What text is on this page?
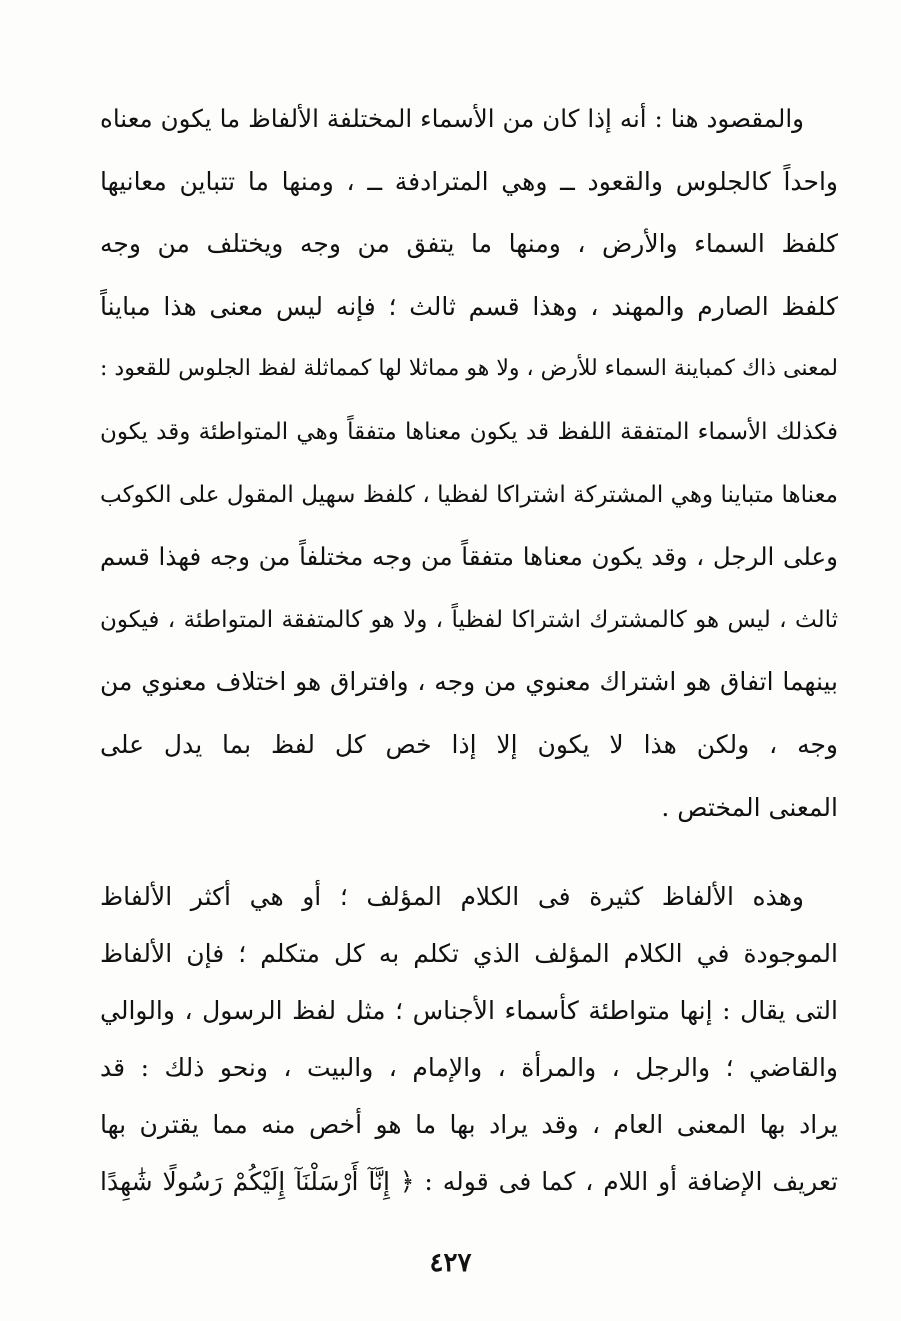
والمقصود هنا : أنه إذا كان من الأسماء المختلفة الألفاظ ما يكون معناه
واحداً كالجلوس والقعود ــ وهي المترادفة ــ ، ومنها ما تتباين معانيها
كلفظ السماء والأرض ، ومنها ما يتفق من وجه ويختلف من وجه
كلفظ الصارم والمهند ، وهذا قسم ثالث ؛ فإنه ليس معنى هذا مبايناً
لمعنى ذاك كمباينة السماء للأرض ، ولا هو مماثلا لها كمماثلة لفظ الجلوس للقعود :
فكذلك الأسماء المتفقة اللفظ قد يكون معناها متفقاً وهي المتواطئة وقد يكون
معناها متباينا وهي المشتركة اشتراكا لفظيا ، كلفظ سهيل المقول على الكوكب
وعلى الرجل ، وقد يكون معناها متفقاً من وجه مختلفاً من وجه فهذا قسم
ثالث ، ليس هو كالمشترك اشتراكا لفظياً ، ولا هو كالمتفقة المتواطئة ، فيكون
بينهما اتفاق هو اشتراك معنوي من وجه ، وافتراق هو اختلاف معنوي من
وجه ، ولكن هذا لا يكون إلا إذا خص كل لفظ بما يدل على
المعنى المختص .
وهذه الألفاظ كثيرة فى الكلام المؤلف ؛ أو هي أكثر الألفاظ
الموجودة في الكلام المؤلف الذي تكلم به كل متكلم ؛ فإن الألفاظ
التى يقال : إنها متواطئة كأسماء الأجناس ؛ مثل لفظ الرسول ، والوالي
والقاضي ؛ والرجل ، والمرأة ، والإمام ، والبيت ، ونحو ذلك : قد
يراد بها المعنى العام ، وقد يراد بها ما هو أخص منه مما يقترن بها
تعريف الإضافة أو اللام ، كما فى قوله : ﴿ إِنَّآ أَرْسَلْنَآ إِلَيْكُمْ رَسُولًا شَٰهِدًا
٤٢٧
